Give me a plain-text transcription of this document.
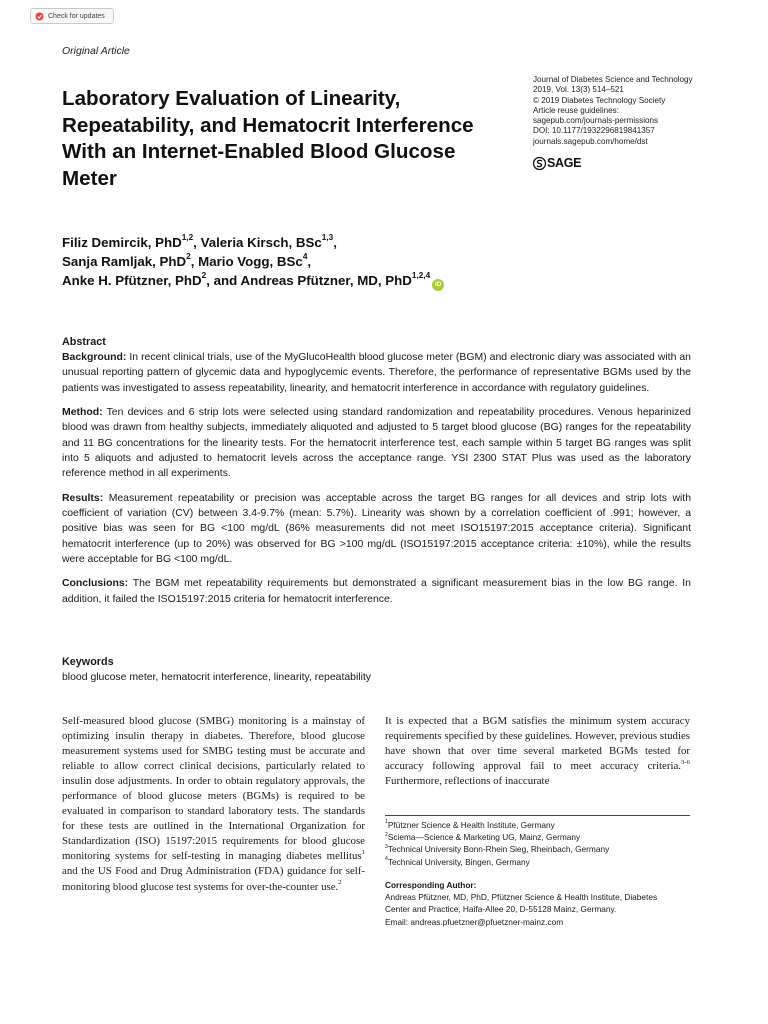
Check for updates
Original Article
Laboratory Evaluation of Linearity, Repeatability, and Hematocrit Interference With an Internet-Enabled Blood Glucose Meter
Journal of Diabetes Science and Technology
2019, Vol. 13(3) 514–521
© 2019 Diabetes Technology Society
Article reuse guidelines:
sagepub.com/journals-permissions
DOI: 10.1177/1932296819841357
journals.sagepub.com/home/dst
SAGE
Filiz Demircik, PhD$^{1,2}$, Valeria Kirsch, BSc$^{1,3}$,
Sanja Ramljak, PhD$^2$, Mario Vogg, BSc$^4$,
Anke H. Pfützner, PhD$^2$, and Andreas Pfützner, MD, PhD$^{1,2,4}$iD
Abstract

Background: In recent clinical trials, use of the MyGlucoHealth blood glucose meter (BGM) and electronic diary was associated with an unusual reporting pattern of glycemic data and hypoglycemic events. Therefore, the performance of representative BGMs used by the patients was investigated to assess repeatability, linearity, and hematocrit interference in accordance with regulatory guidelines.

Method: Ten devices and 6 strip lots were selected using standard randomization and repeatability procedures. Venous heparinized blood was drawn from healthy subjects, immediately aliquoted and adjusted to 5 target blood glucose (BG) ranges for the repeatability and 11 BG concentrations for the linearity tests. For the hematocrit interference test, each sample within 5 target BG ranges was split into 5 aliquots and adjusted to hematocrit levels across the acceptance range. YSI 2300 STAT Plus was used as the laboratory reference method in all experiments.

Results: Measurement repeatability or precision was acceptable across the target BG ranges for all devices and strip lots with coefficient of variation (CV) between 3.4-9.7% (mean: 5.7%). Linearity was shown by a correlation coefficient of .991; however, a positive bias was seen for BG <100 mg/dL (86% measurements did not meet ISO15197:2015 acceptance criteria). Significant hematocrit interference (up to 20%) was observed for BG >100 mg/dL (ISO15197:2015 acceptance criteria: ±10%), while the results were acceptable for BG <100 mg/dL.

Conclusions: The BGM met repeatability requirements but demonstrated a significant measurement bias in the low BG range. In addition, it failed the ISO15197:2015 criteria for hematocrit interference.

Keywords

blood glucose meter, hematocrit interference, linearity, repeatability

Self-measured blood glucose (SMBG) monitoring is a mainstay of optimizing insulin therapy in diabetes. Therefore, blood glucose measurement systems used for SMBG testing must be accurate and reliable to allow correct clinical decisions, particularly related to insulin dose adjustments. In order to obtain regulatory approvals, the performance of blood glucose meters (BGMs) is required to be evaluated in comparison to standard laboratory tests. The standards for these tests are outlined in the International Organization for Standardization (ISO) 15197:2015 requirements for blood glucose monitoring systems for self-testing in managing diabetes mellitus$^1$ and the US Food and Drug Administration (FDA) guidance for self-monitoring blood glucose test systems for over-the-counter use.$^2$

It is expected that a BGM satisfies the minimum system accuracy requirements specified by these guidelines. However, previous studies have shown that over time several marketed BGMs tested for accuracy following approval fail to meet accuracy criteria.$^{3-6}$ Furthermore, reflections of inaccurate

$^1$Pfützner Science & Health Institute, Germany
$^2$Sciema—Science & Marketing UG, Mainz, Germany
$^3$Technical University Bonn-Rhein Sieg, Rheinbach, Germany
$^4$Technical University, Bingen, Germany
Corresponding Author:
Andreas Pfützner, MD, PhD, Pfützner Science & Health Institute, Diabetes
Center and Practice, Haifa-Allee 20, D-55128 Mainz, Germany.
Email: andreas.pfuetzner@pfuetzner-mainz.com
